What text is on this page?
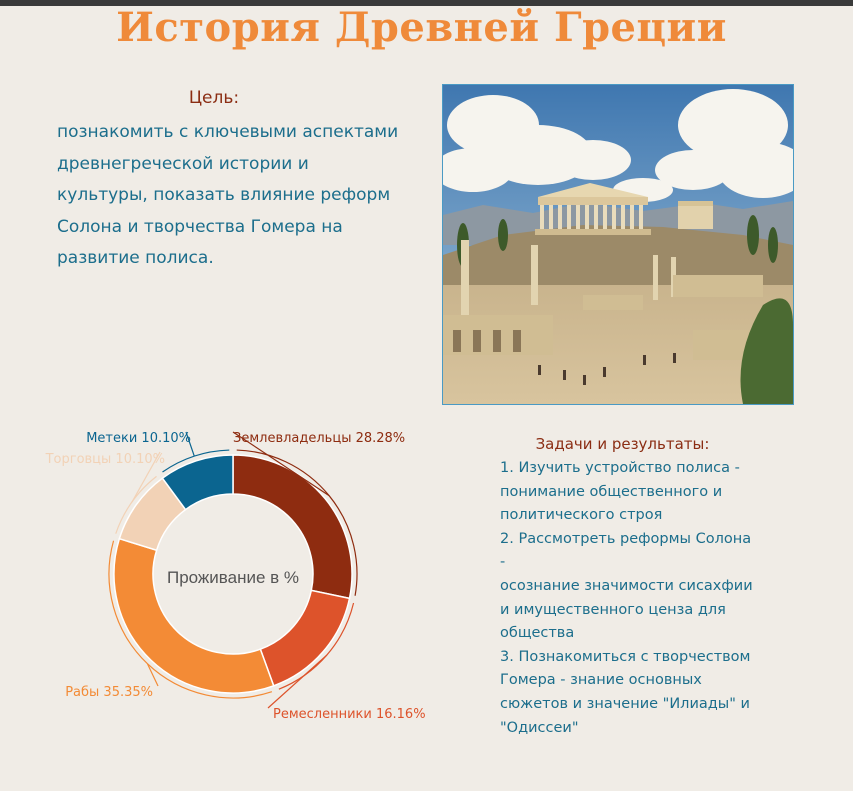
История Древней Греции
Цель:
познакомить с ключевыми аспектами древнегреческой истории и культуры, показать влияние реформ Солона и творчества Гомера на развитие полиса.
Землевладельцы 28.28%
Ремесленники 16.16%
Рабы 35.35%
Торговцы 10.10%
Метеки 10.10%
Проживание в %
Задачи и результаты:
1. Изучить устройство полиса -
понимание общественного и
политического строя
2. Рассмотреть реформы Солона -
осознание значимости сисахфии
и имущественного ценза для
общества
3. Познакомиться с творчеством
Гомера - знание основных
сюжетов и значение "Илиады" и
"Одиссеи"
